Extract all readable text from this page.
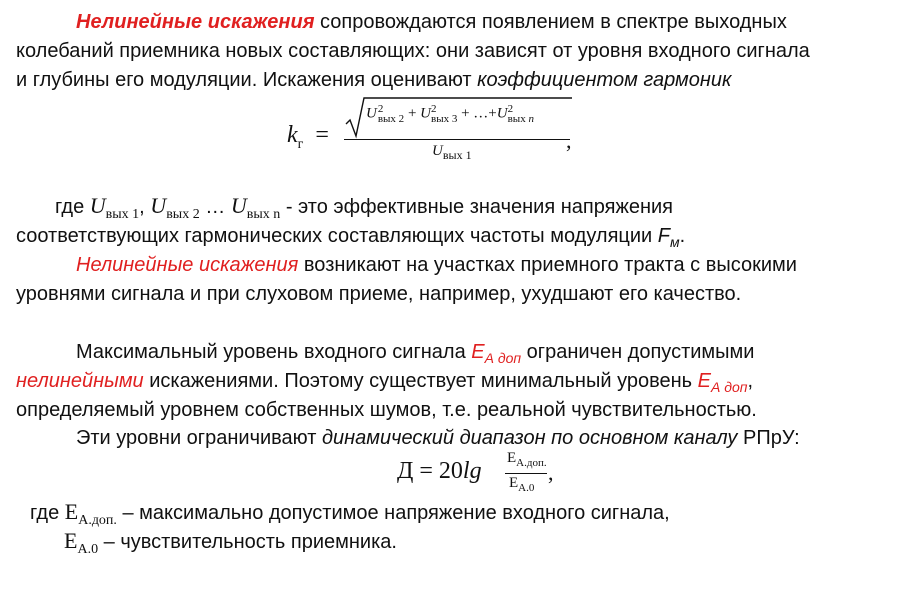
Нелинейные искажения сопровождаются появлением в спектре выходных
колебаний приемника новых составляющих: они зависят от уровня входного сигнала
и глубины его модуляции. Искажения оценивают коэффициентом гармоник
$k_г$ =
U 2
вых 2 + U 2
вых 3 + …+U 2
вых n
$U_{вых 1}$
,
где $U_{вых 1}$, $U_{вых 2}$ … $U_{вых n}$ - это эффективные значения напряжения
соответствующих гармонических составляющих частоты модуляции $F_м$.
Нелинейные искажения возникают на участках приемного тракта с высокими
уровнями сигнала и при слуховом приеме, например, ухудшают его качество.
Максимальный уровень входного сигнала $E_{А доп}$ ограничен допустимыми
нелинейными искажениями. Поэтому существует минимальный уровень $E_{А доп}$,
определяемый уровнем собственных шумов, т.е. реальной чувствительностью.
Эти уровни ограничивают динамический диапазон по основном каналу РПрУ:
Д = 20lg $Е_{А.доп.}$
$Е_{А.0}$
,
где $Е_{А.доп.}$ – максимально допустимое напряжение входного сигнала,
$Е_{А.0}$ – чувствительность приемника.
